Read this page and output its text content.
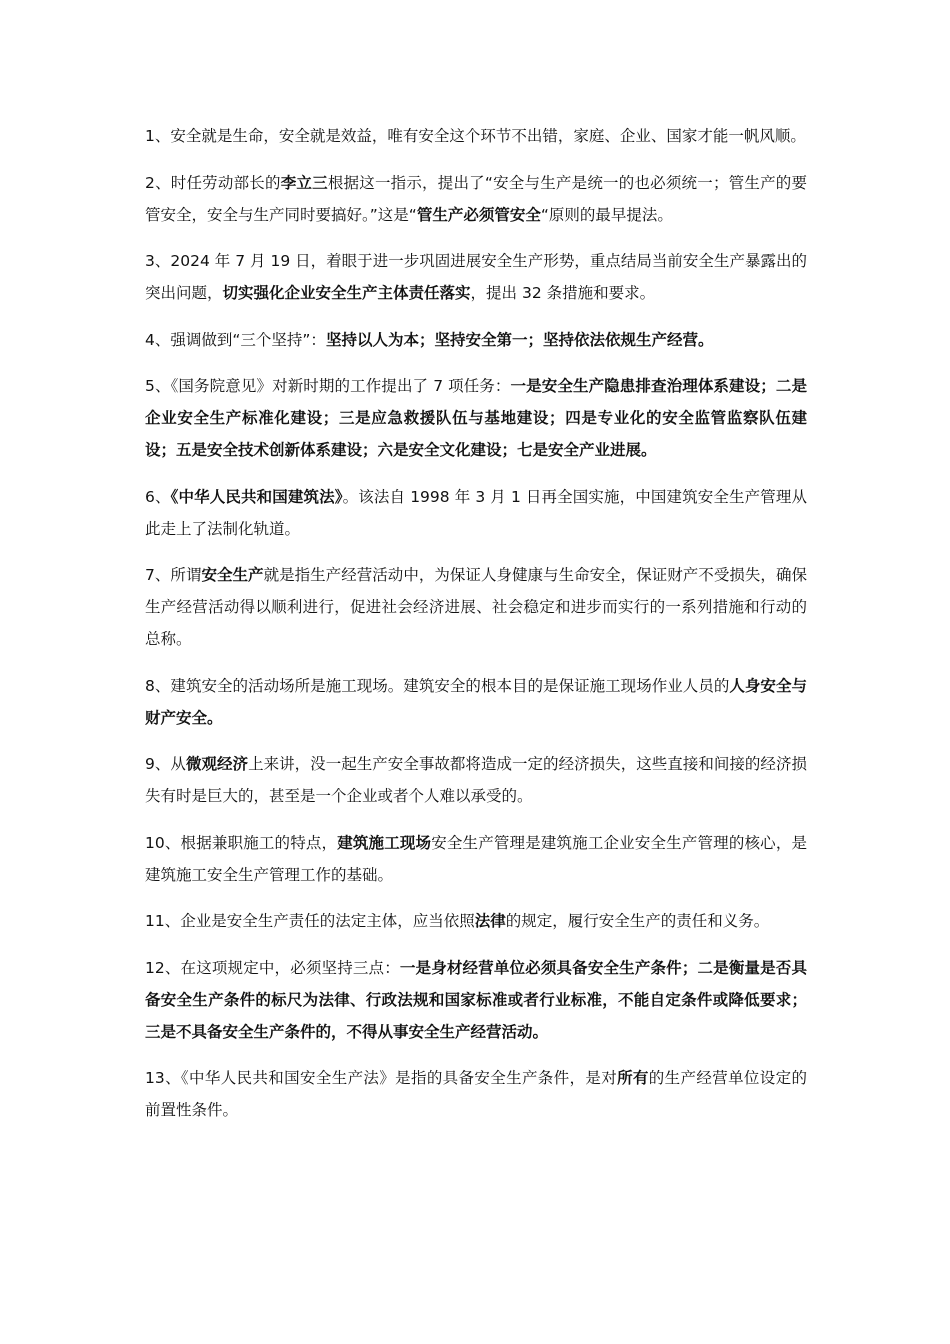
1、安全就是生命，安全就是效益，唯有安全这个环节不出错，家庭、企业、国家才能一帆风顺。

2、时任劳动部长的李立三根据这一指示，提出了“安全与生产是统一的也必须统一；管生产的要管安全，安全与生产同时要搞好。”这是“管生产必须管安全“原则的最早提法。

3、2024 年 7 月 19 日，着眼于进一步巩固进展安全生产形势，重点结局当前安全生产暴露出的突出问题，切实强化企业安全生产主体责任落实，提出 32 条措施和要求。

4、强调做到“三个坚持”：坚持以人为本；坚持安全第一；坚持依法依规生产经营。

5、《国务院意见》对新时期的工作提出了 7 项任务：一是安全生产隐患排查治理体系建设；二是企业安全生产标准化建设；三是应急救援队伍与基地建设；四是专业化的安全监管监察队伍建设；五是安全技术创新体系建设；六是安全文化建设；七是安全产业进展。

6、《中华人民共和国建筑法》。该法自 1998 年 3 月 1 日再全国实施，中国建筑安全生产管理从此走上了法制化轨道。

7、所谓安全生产就是指生产经营活动中，为保证人身健康与生命安全，保证财产不受损失，确保生产经营活动得以顺利进行，促进社会经济进展、社会稳定和进步而实行的一系列措施和行动的总称。

8、建筑安全的活动场所是施工现场。建筑安全的根本目的是保证施工现场作业人员的人身安全与财产安全。

9、从微观经济上来讲，没一起生产安全事故都将造成一定的经济损失，这些直接和间接的经济损失有时是巨大的，甚至是一个企业或者个人难以承受的。

10、根据兼职施工的特点，建筑施工现场安全生产管理是建筑施工企业安全生产管理的核心，是建筑施工安全生产管理工作的基础。

11、企业是安全生产责任的法定主体，应当依照法律的规定，履行安全生产的责任和义务。

12、在这项规定中，必须坚持三点：一是身材经营单位必须具备安全生产条件；二是衡量是否具备安全生产条件的标尺为法律、行政法规和国家标准或者行业标准，不能自定条件或降低要求；三是不具备安全生产条件的，不得从事安全生产经营活动。

13、《中华人民共和国安全生产法》是指的具备安全生产条件，是对所有的生产经营单位设定的前置性条件。
